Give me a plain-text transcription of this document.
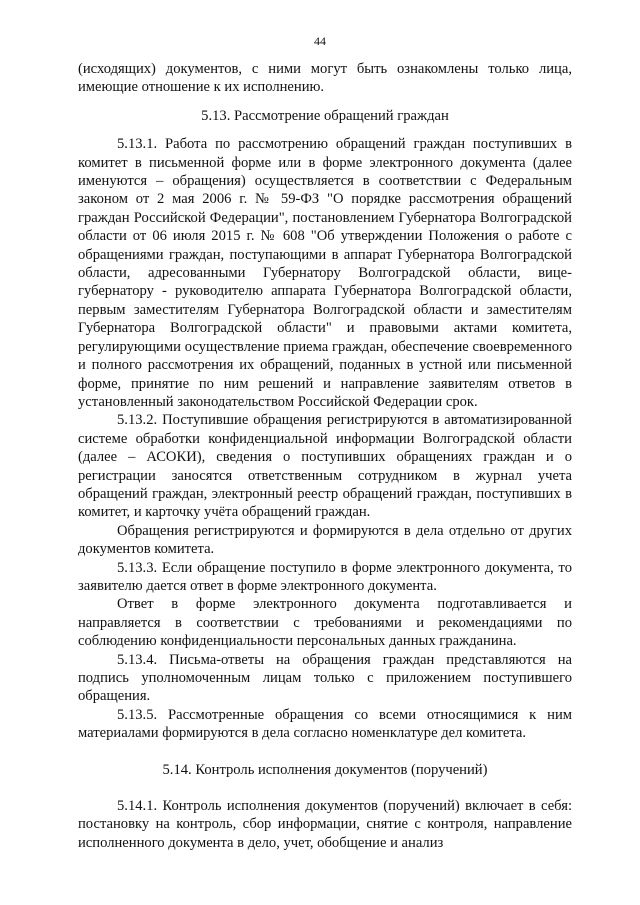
44

(исходящих) документов, с ними могут быть ознакомлены только лица, имеющие отношение к их исполнению.

5.13. Рассмотрение обращений граждан

5.13.1. Работа по рассмотрению обращений граждан поступивших в комитет в письменной форме или в форме электронного документа (далее именуются – обращения) осуществляется в соответствии с Федеральным законом от 2 мая 2006 г. № 59-ФЗ "О порядке рассмотрения обращений граждан Российской Федерации", постановлением Губернатора Волгоградской области от 06 июля 2015 г. № 608 "Об утверждении Положения о работе с обращениями граждан, поступающими в аппарат Губернатора Волгоградской области, адресованными Губернатору Волгоградской области, вице-губернатору - руководителю аппарата Губернатора Волгоградской области, первым заместителям Губернатора Волгоградской области и заместителям Губернатора Волгоградской области" и правовыми актами комитета, регулирующими осуществление приема граждан, обеспечение своевременного и полного рассмотрения их обращений, поданных в устной или письменной форме, принятие по ним решений и направление заявителям ответов в установленный законодательством Российской Федерации срок.

5.13.2. Поступившие обращения регистрируются в автоматизированной системе обработки конфиденциальной информации Волгоградской области (далее – АСОКИ), сведения о поступивших обращениях граждан и о регистрации заносятся ответственным сотрудником в журнал учета обращений граждан, электронный реестр обращений граждан, поступивших в комитет, и карточку учёта обращений граждан.

Обращения регистрируются и формируются в дела отдельно от других документов комитета.

5.13.3. Если обращение поступило в форме электронного документа, то заявителю дается ответ в форме электронного документа.

Ответ в форме электронного документа подготавливается и направляется в соответствии с требованиями и рекомендациями по соблюдению конфиденциальности персональных данных гражданина.

5.13.4. Письма-ответы на обращения граждан представляются на подпись уполномоченным лицам только с приложением поступившего обращения.

5.13.5. Рассмотренные обращения со всеми относящимися к ним материалами формируются в дела согласно номенклатуре дел комитета.

5.14. Контроль исполнения документов (поручений)

5.14.1. Контроль исполнения документов (поручений) включает в себя: постановку на контроль, сбор информации, снятие с контроля, направление исполненного документа в дело, учет, обобщение и анализ
